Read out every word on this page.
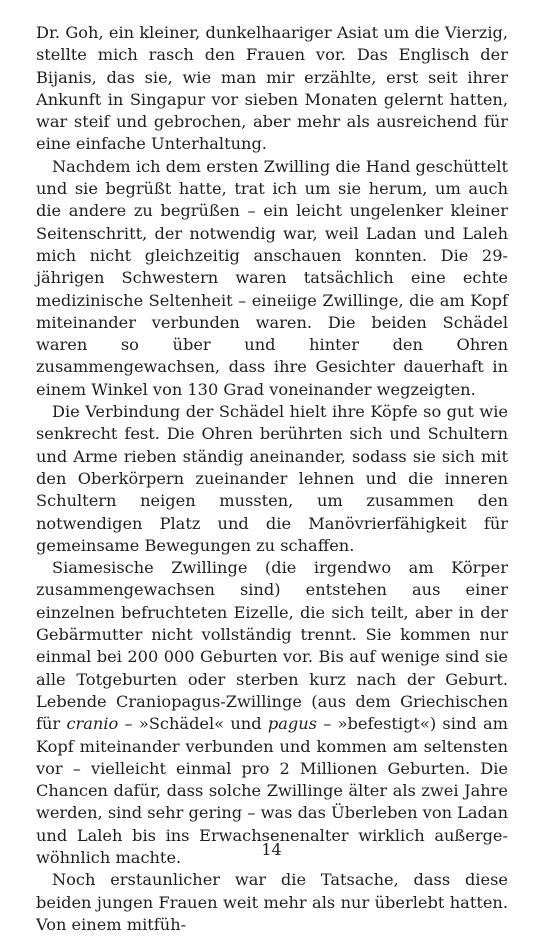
Dr. Goh, ein kleiner, dunkelhaariger Asiat um die Vierzig, stellte mich rasch den Frauen vor. Das Englisch der Bijanis, das sie, wie man mir erzählte, erst seit ihrer Ankunft in Singapur vor sieben Monaten gelernt hatten, war steif und gebrochen, aber mehr als ausreichend für eine einfache Unterhaltung.

Nachdem ich dem ersten Zwilling die Hand geschüttelt und sie begrüßt hatte, trat ich um sie herum, um auch die andere zu begrüßen – ein leicht ungelenker kleiner Seitenschritt, der notwendig war, weil Ladan und Laleh mich nicht gleichzeitig anschauen konnten. Die 29-jährigen Schwestern waren tatsächlich eine echte medizinische Seltenheit – eineiige Zwillinge, die am Kopf miteinander verbunden waren. Die beiden Schädel waren so über und hinter den Ohren zusammengewachsen, dass ihre Gesichter dauerhaft in einem Winkel von 130 Grad voneinander wegzeigten.

Die Verbindung der Schädel hielt ihre Köpfe so gut wie senkrecht fest. Die Ohren berührten sich und Schultern und Arme rieben ständig aneinander, sodass sie sich mit den Oberkörpern zueinander lehnen und die inneren Schultern neigen mussten, um zusammen den notwendigen Platz und die Manövrierfähigkeit für gemeinsame Bewegungen zu schaffen.

Siamesische Zwillinge (die irgendwo am Körper zusammengewachsen sind) entstehen aus einer einzelnen befruchteten Eizelle, die sich teilt, aber in der Gebärmutter nicht vollständig trennt. Sie kommen nur einmal bei 200 000 Geburten vor. Bis auf wenige sind sie alle Totgeburten oder sterben kurz nach der Geburt. Lebende Craniopagus-Zwillinge (aus dem Griechischen für cranio – »Schädel« und pagus – »befestigt«) sind am Kopf miteinander verbunden und kommen am seltensten vor – vielleicht einmal pro 2 Millionen Geburten. Die Chancen dafür, dass solche Zwillinge älter als zwei Jahre werden, sind sehr gering – was das Überleben von Ladan und Laleh bis ins Erwachsenenalter wirklich außergewöhnlich machte.

Noch erstaunlicher war die Tatsache, dass diese beiden jungen Frauen weit mehr als nur überlebt hatten. Von einem mitfüh-

14
